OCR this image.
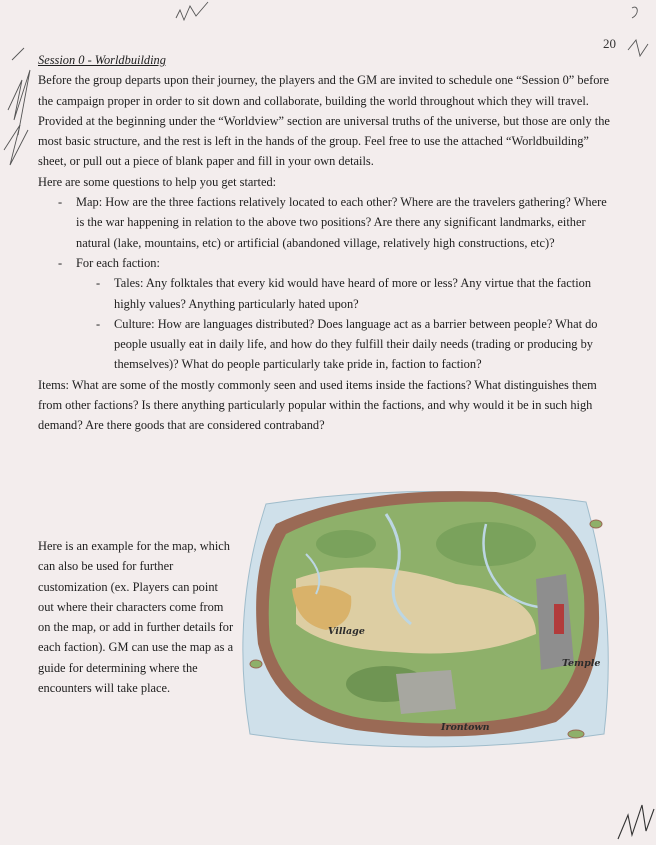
20

Session 0 - Worldbuilding

Before the group departs upon their journey, the players and the GM are invited to schedule one “Session 0” before the campaign proper in order to sit down and collaborate, building the world throughout which they will travel.

Provided at the beginning under the “Worldview” section are universal truths of the universe, but those are only the most basic structure, and the rest is left in the hands of the group. Feel free to use the attached “Worldbuilding” sheet, or pull out a piece of blank paper and fill in your own details.

Here are some questions to help you get started:

- Map: How are the three factions relatively located to each other? Where are the travelers gathering? Where is the war happening in relation to the above two positions? Are there any significant landmarks, either natural (lake, mountains, etc) or artificial (abandoned village, relatively high constructions, etc)?
- For each faction:
- Tales: Any folktales that every kid would have heard of more or less? Any virtue that the faction highly values? Anything particularly hated upon?
- Culture: How are languages distributed? Does language act as a barrier between people? What do people usually eat in daily life, and how do they fulfill their daily needs (trading or producing by themselves)? What do people particularly take pride in, faction to faction?

Items: What are some of the mostly commonly seen and used items inside the factions? What distinguishes them from other factions? Is there anything particularly popular within the factions, and why would it be in such high demand? Are there goods that are considered contraband?

Here is an example for the map, which can also be used for further customization (ex. Players can point out where their characters come from on the map, or add in further details for each faction). GM can use the map as a guide for determining where the encounters will take place.
Village
Temple
Irontown
